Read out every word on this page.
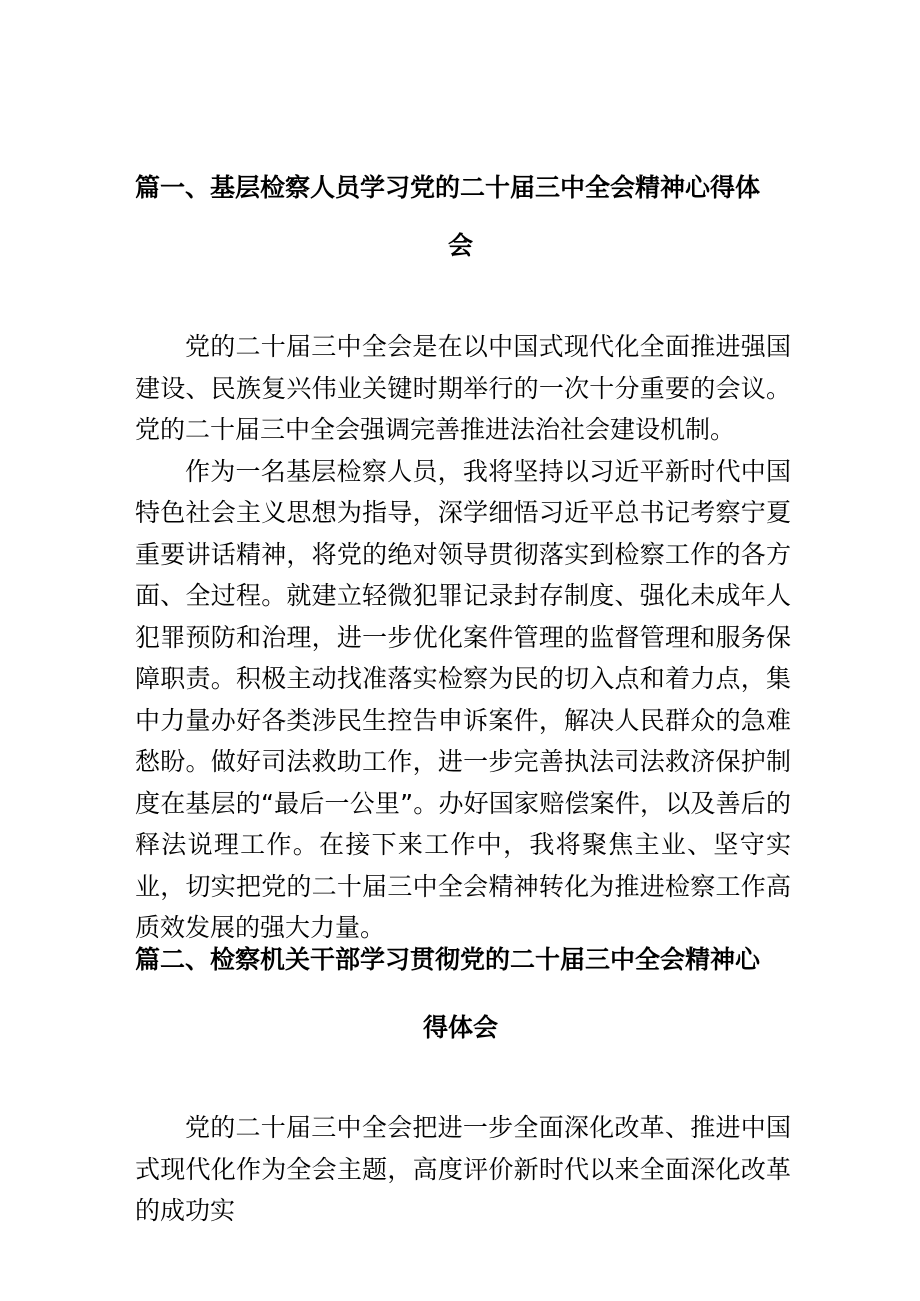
篇一、基层检察人员学习党的二十届三中全会精神心得体
会

党的二十届三中全会是在以中国式现代化全面推进强国建设、民族复兴伟业关键时期举行的一次十分重要的会议。党的二十届三中全会强调完善推进法治社会建设机制。

作为一名基层检察人员，我将坚持以习近平新时代中国特色社会主义思想为指导，深学细悟习近平总书记考察宁夏重要讲话精神，将党的绝对领导贯彻落实到检察工作的各方面、全过程。就建立轻微犯罪记录封存制度、强化未成年人犯罪预防和治理，进一步优化案件管理的监督管理和服务保障职责。积极主动找准落实检察为民的切入点和着力点，集中力量办好各类涉民生控告申诉案件，解决人民群众的急难愁盼。做好司法救助工作，进一步完善执法司法救济保护制度在基层的“最后一公里”。办好国家赔偿案件，以及善后的释法说理工作。在接下来工作中，我将聚焦主业、坚守实业，切实把党的二十届三中全会精神转化为推进检察工作高质效发展的强大力量。

篇二、检察机关干部学习贯彻党的二十届三中全会精神心
得体会

党的二十届三中全会把进一步全面深化改革、推进中国式现代化作为全会主题，高度评价新时代以来全面深化改革的成功实
